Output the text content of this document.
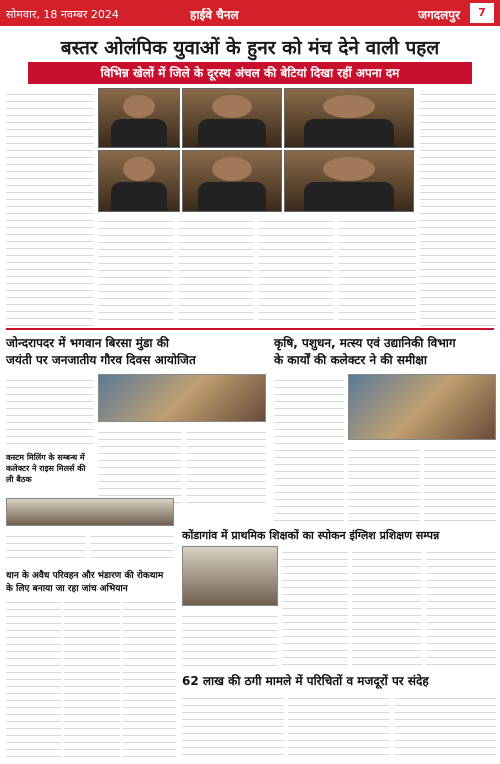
सोमवार, 18 नवम्बर 2024	हाईवे चैनल	जगदलपुर	7
बस्तर ओलंपिक युवाओं के हुनर को मंच देने वाली पहल
विभिन्न खेलों में जिले के दूरस्थ अंचल की बेटियां दिखा रहीं अपना दम
जोन्दरापदर में भगवान बिरसा मुंडा की
जयंती पर जनजातीय गौरव दिवस आयोजित
कृषि, पशुधन, मत्स्य एवं उद्यानिकी विभाग
के कार्यों की कलेक्टर ने की समीक्षा
कस्टम मिलिंग के सम्बन्ध में कलेक्टर ने राइस मिलर्स की ली बैठक
कोंडागांव में प्राथमिक शिक्षकों का स्पोकन इंग्लिश प्रशिक्षण सम्पन्न
धान के अवैध परिवहन और भंडारण की रोकथाम
के लिए बनाया जा रहा जांच अभियान
62 लाख की ठगी मामले में परिचितों व मजदूरों पर संदेह
